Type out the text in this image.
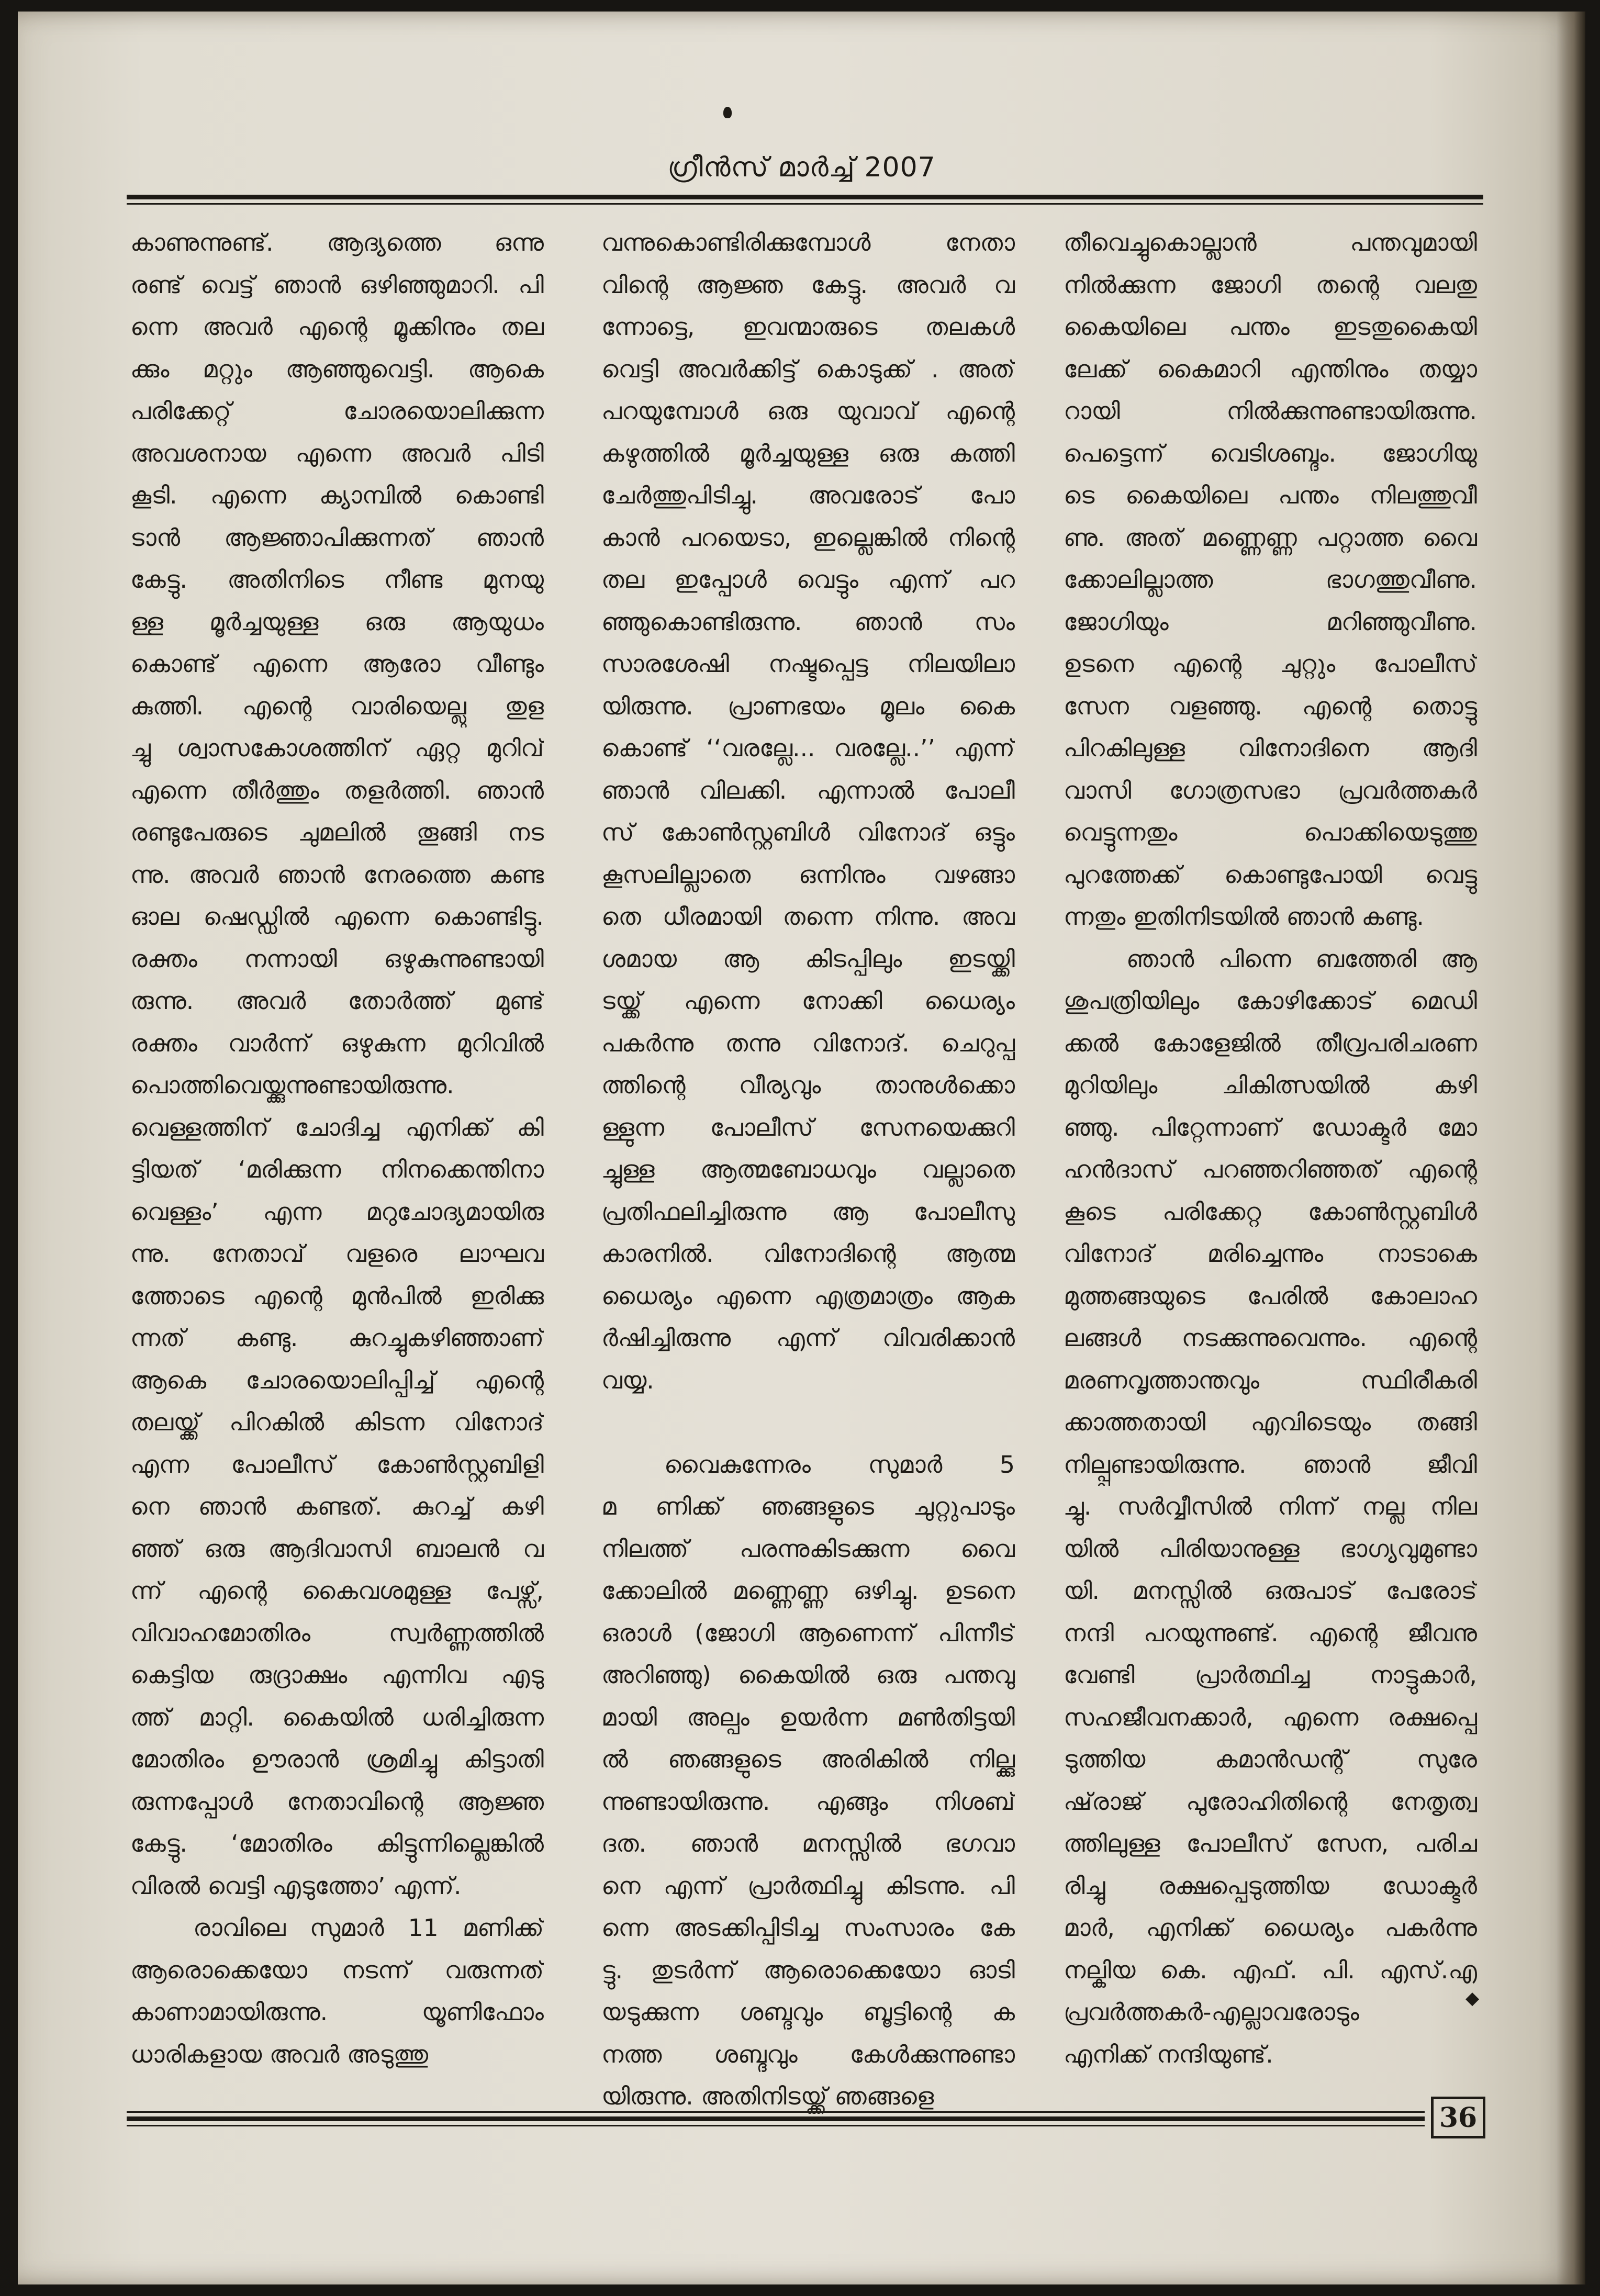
ഗ്രീൻസ് മാർച്ച് 2007
കാണുന്നുണ്ട്. ആദ്യത്തെ ഒന്നു
രണ്ട് വെട്ട് ഞാൻ ഒഴിഞ്ഞുമാറി. പി
ന്നെ അവർ എന്റെ മൂക്കിനും തല
ക്കും മറ്റും ആഞ്ഞുവെട്ടി. ആകെ
പരിക്കേറ്റ് ചോരയൊലിക്കുന്ന
അവശനായ എന്നെ അവർ പിടി
കൂടി. എന്നെ ക്യാമ്പിൽ കൊണ്ടി
ടാൻ ആജ്ഞാപിക്കുന്നത് ഞാൻ
കേട്ടു. അതിനിടെ നീണ്ട മുനയു
ള്ള മൂർച്ചയുള്ള ഒരു ആയുധം
കൊണ്ട് എന്നെ ആരോ വീണ്ടും
കുത്തി. എന്റെ വാരിയെല്ലു തുള
ച്ചു ശ്വാസകോശത്തിന് ഏറ്റ മുറിവ്
എന്നെ തീർത്തും തളർത്തി. ഞാൻ
രണ്ടുപേരുടെ ചുമലിൽ തൂങ്ങി നട
ന്നു. അവർ ഞാൻ നേരത്തെ കണ്ട
ഓല ഷെഡ്ഡിൽ എന്നെ കൊണ്ടിട്ടു.
രക്തം നന്നായി ഒഴുകുന്നുണ്ടായി
രുന്നു. അവർ തോർത്ത് മുണ്ട്
രക്തം വാർന്ന് ഒഴുകുന്ന മുറിവിൽ
പൊത്തിവെയ്ക്കുന്നുണ്ടായിരുന്നു.
വെള്ളത്തിന് ചോദിച്ച എനിക്ക് കി
ട്ടിയത് ‘മരിക്കുന്ന നിനക്കെന്തിനാ
വെള്ളം’ എന്ന മറുചോദ്യമായിരു
ന്നു. നേതാവ് വളരെ ലാഘവ
ത്തോടെ എന്റെ മുൻപിൽ ഇരിക്കു
ന്നത് കണ്ടു. കുറച്ചുകഴിഞ്ഞാണ്
ആകെ ചോരയൊലിപ്പിച്ച് എന്റെ
തലയ്ക്ക് പിറകിൽ കിടന്ന വിനോദ്
എന്ന പോലീസ് കോൺസ്റ്റബിളി
നെ ഞാൻ കണ്ടത്. കുറച്ച് കഴി
ഞ്ഞ് ഒരു ആദിവാസി ബാലൻ വ
ന്ന് എന്റെ കൈവശമുള്ള പേഴ്സ്,
വിവാഹമോതിരം സ്വർണ്ണത്തിൽ
കെട്ടിയ രുദ്രാക്ഷം എന്നിവ എടു
ത്ത് മാറ്റി. കൈയിൽ ധരിച്ചിരുന്ന
മോതിരം ഊരാൻ ശ്രമിച്ചു കിട്ടാതി
രുന്നപ്പോൾ നേതാവിന്റെ ആജ്ഞ
കേട്ടു. ‘മോതിരം കിട്ടുന്നില്ലെങ്കിൽ
വിരൽ വെട്ടി എടുത്തോ’ എന്ന്.
രാവിലെ സുമാർ 11 മണിക്ക്
ആരൊക്കെയോ നടന്ന് വരുന്നത്
കാണാമായിരുന്നു. യൂണിഫോം
ധാരികളായ അവർ അടുത്തു
വന്നുകൊണ്ടിരിക്കുമ്പോൾ നേതാ
വിന്റെ ആജ്ഞ കേട്ടു. അവർ വ
ന്നോട്ടെ, ഇവന്മാരുടെ തലകൾ
വെട്ടി അവർക്കിട്ട് കൊടുക്ക് . അത്
പറയുമ്പോൾ ഒരു യുവാവ് എന്റെ
കഴുത്തിൽ മൂർച്ചയുള്ള ഒരു കത്തി
ചേർത്തുപിടിച്ചു. അവരോട് പോ
കാൻ പറയെടാ, ഇല്ലെങ്കിൽ നിന്റെ
തല ഇപ്പോൾ വെട്ടും എന്ന് പറ
ഞ്ഞുകൊണ്ടിരുന്നു. ഞാൻ സം
സാരശേഷി നഷ്ടപ്പെട്ട നിലയിലാ
യിരുന്നു. പ്രാണഭയം മൂലം കൈ
കൊണ്ട് ‘‘വരല്ലേ... വരല്ലേ..’’ എന്ന്
ഞാൻ വിലക്കി. എന്നാൽ പോലീ
സ് കോൺസ്റ്റബിൾ വിനോദ് ഒട്ടും
കൂസലില്ലാതെ ഒന്നിനും വഴങ്ങാ
തെ ധീരമായി തന്നെ നിന്നു. അവ
ശമായ ആ കിടപ്പിലും ഇടയ്ക്കി
ടയ്ക്ക് എന്നെ നോക്കി ധൈര്യം
പകർന്നു തന്നു വിനോദ്. ചെറുപ്പ
ത്തിന്റെ വീര്യവും താനുൾക്കൊ
ള്ളുന്ന പോലീസ് സേനയെക്കുറി
ച്ചുള്ള ആത്മബോധവും വല്ലാതെ
പ്രതിഫലിച്ചിരുന്നു ആ പോലീസു
കാരനിൽ. വിനോദിന്റെ ആത്മ
ധൈര്യം എന്നെ എത്രമാത്രം ആക
ർഷിച്ചിരുന്നു എന്ന് വിവരിക്കാൻ
വയ്യ.
വൈകുന്നേരം സുമാർ 5
മ ണിക്ക് ഞങ്ങളുടെ ചുറ്റുപാടും
നിലത്ത് പരന്നുകിടക്കുന്ന വൈ
ക്കോലിൽ മണ്ണെണ്ണ ഒഴിച്ചു. ഉടനെ
ഒരാൾ (ജോഗി ആണെന്ന് പിന്നീട്
അറിഞ്ഞു) കൈയിൽ ഒരു പന്തവു
മായി അല്പം ഉയർന്ന മൺതിട്ടയി
ൽ ഞങ്ങളുടെ അരികിൽ നില്ക്കു
ന്നുണ്ടായിരുന്നു. എങ്ങും നിശബ്
ദത. ഞാൻ മനസ്സിൽ ഭഗവാ
നെ എന്ന് പ്രാർത്ഥിച്ചു കിടന്നു. പി
ന്നെ അടക്കിപ്പിടിച്ച സംസാരം കേ
ട്ടു. തുടർന്ന് ആരൊക്കെയോ ഓടി
യടുക്കുന്ന ശബ്ദവും ബൂട്ടിന്റെ ക
നത്ത ശബ്ദവും കേൾക്കുന്നുണ്ടാ
യിരുന്നു. അതിനിടയ്ക്ക് ഞങ്ങളെ
തീവെച്ചുകൊല്ലാൻ പന്തവുമായി
നിൽക്കുന്ന ജോഗി തന്റെ വലതു
കൈയിലെ പന്തം ഇടതുകൈയി
ലേക്ക് കൈമാറി എന്തിനും തയ്യാ
റായി നിൽക്കുന്നുണ്ടായിരുന്നു.
പെട്ടെന്ന് വെടിശബ്ദം. ജോഗിയു
ടെ കൈയിലെ പന്തം നിലത്തുവീ
ണു. അത് മണ്ണെണ്ണ പറ്റാത്ത വൈ
ക്കോലില്ലാത്ത ഭാഗത്തുവീണു.
ജോഗിയും മറിഞ്ഞുവീണു.
ഉടനെ എന്റെ ചുറ്റും പോലീസ്
സേന വളഞ്ഞു. എന്റെ തൊട്ടു
പിറകിലുള്ള വിനോദിനെ ആദി
വാസി ഗോത്രസഭാ പ്രവർത്തകർ
വെട്ടുന്നതും പൊക്കിയെടുത്തു
പുറത്തേക്ക് കൊണ്ടുപോയി വെട്ടു
ന്നതും ഇതിനിടയിൽ ഞാൻ കണ്ടു.
ഞാൻ പിന്നെ ബത്തേരി ആ
ശുപത്രിയിലും കോഴിക്കോട് മെഡി
ക്കൽ കോളേജിൽ തീവ്രപരിചരണ
മുറിയിലും ചികിത്സയിൽ കഴി
ഞ്ഞു. പിറ്റേന്നാണ് ഡോക്ടർ മോ
ഹൻദാസ് പറഞ്ഞറിഞ്ഞത് എന്റെ
കൂടെ പരിക്കേറ്റ കോൺസ്റ്റബിൾ
വിനോദ് മരിച്ചെന്നും നാടാകെ
മുത്തങ്ങയുടെ പേരിൽ കോലാഹ
ലങ്ങൾ നടക്കുന്നുവെന്നും. എന്റെ
മരണവൃത്താന്തവും സ്ഥിരീകരി
ക്കാത്തതായി എവിടെയും തങ്ങി
നില്പ്പുണ്ടായിരുന്നു. ഞാൻ ജീവി
ച്ചു. സർവ്വീസിൽ നിന്ന് നല്ല നില
യിൽ പിരിയാനുള്ള ഭാഗ്യവുമുണ്ടാ
യി. മനസ്സിൽ ഒരുപാട് പേരോട്
നന്ദി പറയുന്നുണ്ട്. എന്റെ ജീവനു
വേണ്ടി പ്രാർത്ഥിച്ച നാട്ടുകാർ,
സഹജീവനക്കാർ, എന്നെ രക്ഷപ്പെ
ടുത്തിയ കമാൻഡന്റ് സുരേ
ഷ്‌രാജ് പുരോഹിതിന്റെ നേതൃത്വ
ത്തിലുള്ള പോലീസ് സേന, പരിച
രിച്ചു രക്ഷപ്പെടുത്തിയ ഡോക്ടർ
മാർ, എനിക്ക് ധൈര്യം പകർന്നു
നല്കിയ കെ. എഫ്. പി. എസ്.എ
പ്രവർത്തകർ-എല്ലാവരോടും
എനിക്ക് നന്ദിയുണ്ട്.
◆
36
